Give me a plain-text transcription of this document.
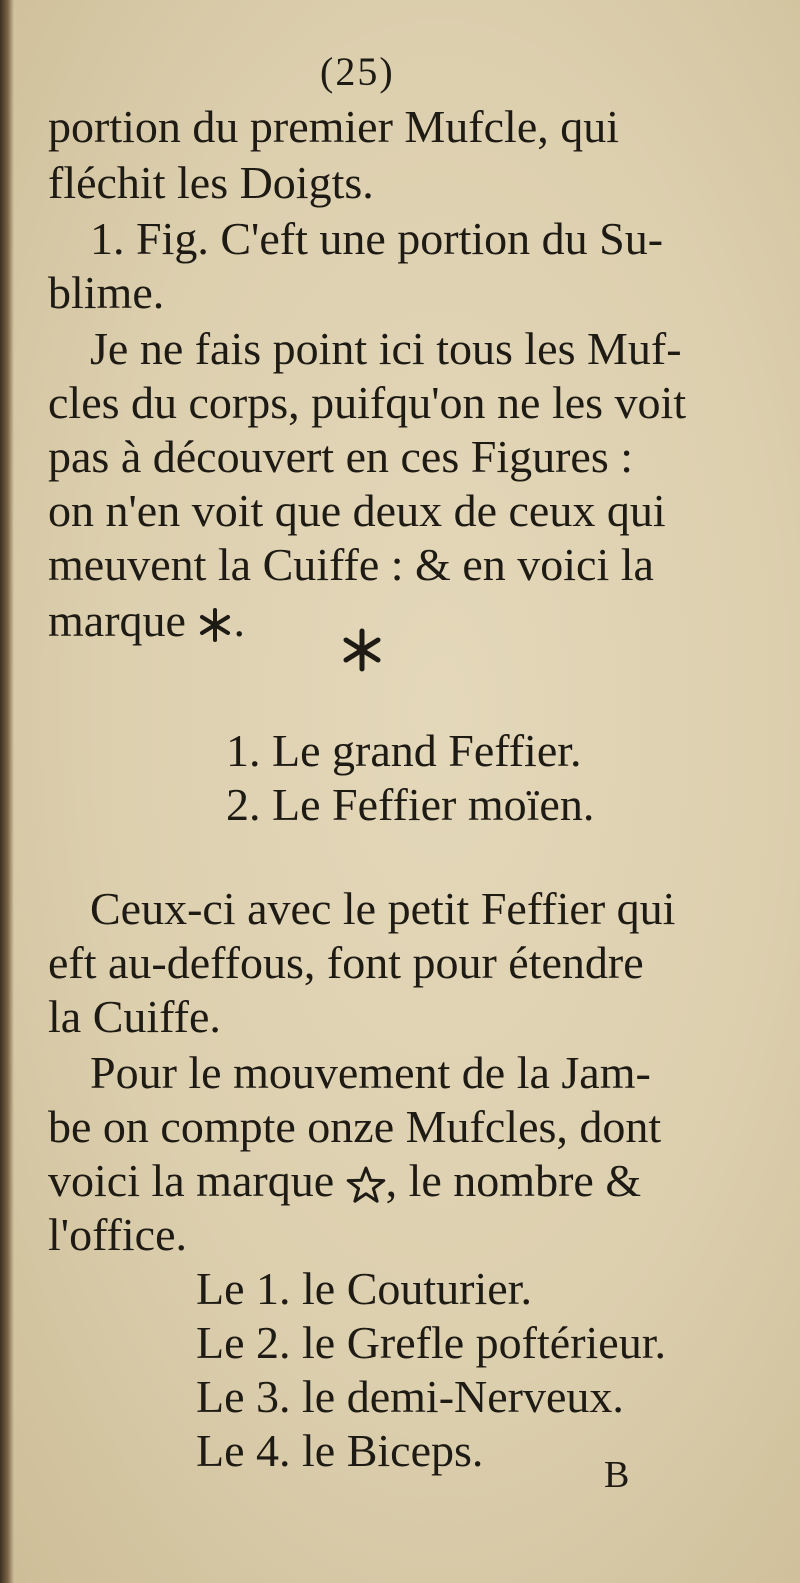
(25)
portion du premier Mufcle, qui
fléchit les Doigts.
1. Fig. C'eft une portion du Su-
blime.
Je ne fais point ici tous les Muf-
cles du corps, puifqu'on ne les voit
pas à découvert en ces Figures :
on n'en voit que deux de ceux qui
meuvent la Cuiffe : & en voici la
marque .
1. Le grand Feffier.
2. Le Feffier moïen.
Ceux-ci avec le petit Feffier qui
eft au-deffous, font pour étendre
la Cuiffe.
Pour le mouvement de la Jam-
be on compte onze Mufcles, dont
voici la marque , le nombre &
l'office.
Le 1. le Couturier.
Le 2. le Grefle poftérieur.
Le 3. le demi-Nerveux.
Le 4. le Biceps.	B
